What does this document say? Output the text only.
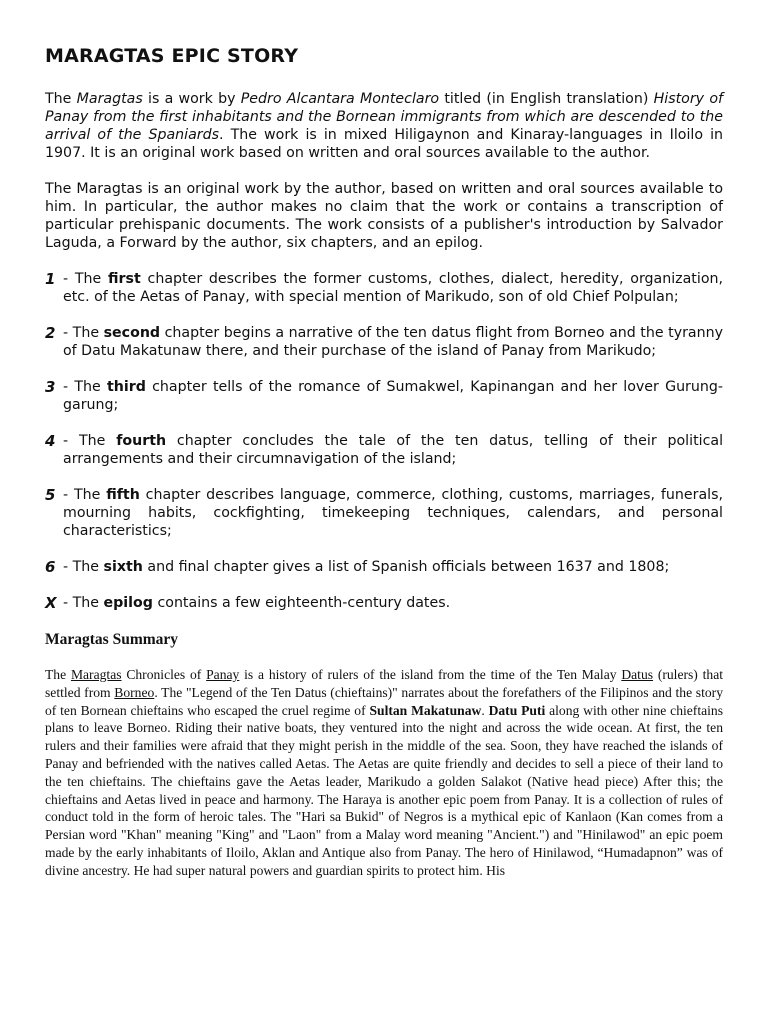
MARAGTAS EPIC STORY

The Maragtas is a work by Pedro Alcantara Monteclaro titled (in English translation) History of Panay from the first inhabitants and the Bornean immigrants from which are descended to the arrival of the Spaniards. The work is in mixed Hiligaynon and Kinaray-languages in Iloilo in 1907. It is an original work based on written and oral sources available to the author.

The Maragtas is an original work by the author, based on written and oral sources available to him. In particular, the author makes no claim that the work or contains a transcription of particular prehispanic documents. The work consists of a publisher's introduction by Salvador Laguda, a Forward by the author, six chapters, and an epilog.

1 - The first chapter describes the former customs, clothes, dialect, heredity, organization, etc. of the Aetas of Panay, with special mention of Marikudo, son of old Chief Polpulan;
2 - The second chapter begins a narrative of the ten datus flight from Borneo and the tyranny of Datu Makatunaw there, and their purchase of the island of Panay from Marikudo;
3 - The third chapter tells of the romance of Sumakwel, Kapinangan and her lover Gurung-garung;
4 - The fourth chapter concludes the tale of the ten datus, telling of their political arrangements and their circumnavigation of the island;
5 - The fifth chapter describes language, commerce, clothing, customs, marriages, funerals, mourning habits, cockfighting, timekeeping techniques, calendars, and personal characteristics;
6 - The sixth and final chapter gives a list of Spanish officials between 1637 and 1808;
X - The epilog contains a few eighteenth-century dates.
Maragtas Summary

The Maragtas Chronicles of Panay is a history of rulers of the island from the time of the Ten Malay Datus (rulers) that settled from Borneo. The "Legend of the Ten Datus (chieftains)" narrates about the forefathers of the Filipinos and the story of ten Bornean chieftains who escaped the cruel regime of Sultan Makatunaw. Datu Puti along with other nine chieftains plans to leave Borneo. Riding their native boats, they ventured into the night and across the wide ocean. At first, the ten rulers and their families were afraid that they might perish in the middle of the sea. Soon, they have reached the islands of Panay and befriended with the natives called Aetas. The Aetas are quite friendly and decides to sell a piece of their land to the ten chieftains. The chieftains gave the Aetas leader, Marikudo a golden Salakot (Native head piece) After this; the chieftains and Aetas lived in peace and harmony. The Haraya is another epic poem from Panay. It is a collection of rules of conduct told in the form of heroic tales. The "Hari sa Bukid" of Negros is a mythical epic of Kanlaon (Kan comes from a Persian word "Khan" meaning "King" and "Laon" from a Malay word meaning "Ancient.") and "Hinilawod" an epic poem made by the early inhabitants of Iloilo, Aklan and Antique also from Panay. The hero of Hinilawod, “Humadapnon” was of divine ancestry. He had super natural powers and guardian spirits to protect him. His
